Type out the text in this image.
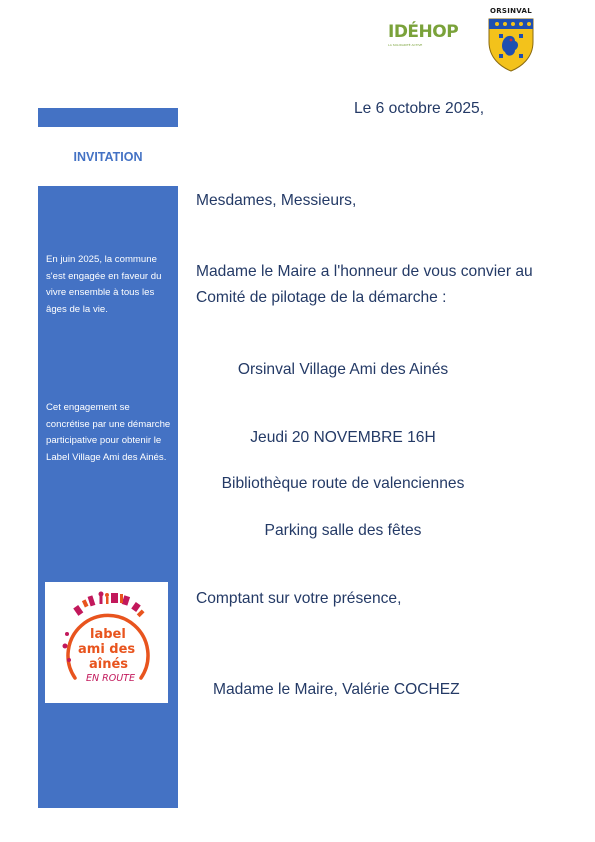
IDÉHOP
LA SOLIDARITÉ ACTIVE
ORSINVAL
INVITATION
En juin 2025, la commune s'est engagée en faveur du vivre ensemble à tous les âges de la vie.
Cet engagement se concrétise par une démarche participative pour obtenir le Label Village Ami des Ainés.
label
ami des
aînés
EN ROUTE
Le 6 octobre 2025,
Mesdames, Messieurs,
Madame le Maire a l'honneur de vous convier au Comité de pilotage de la démarche :
Orsinval Village Ami des Ainés
Jeudi 20 NOVEMBRE 16H
Bibliothèque route de valenciennes
Parking salle des fêtes
Comptant sur votre présence,
Madame le Maire, Valérie COCHEZ
